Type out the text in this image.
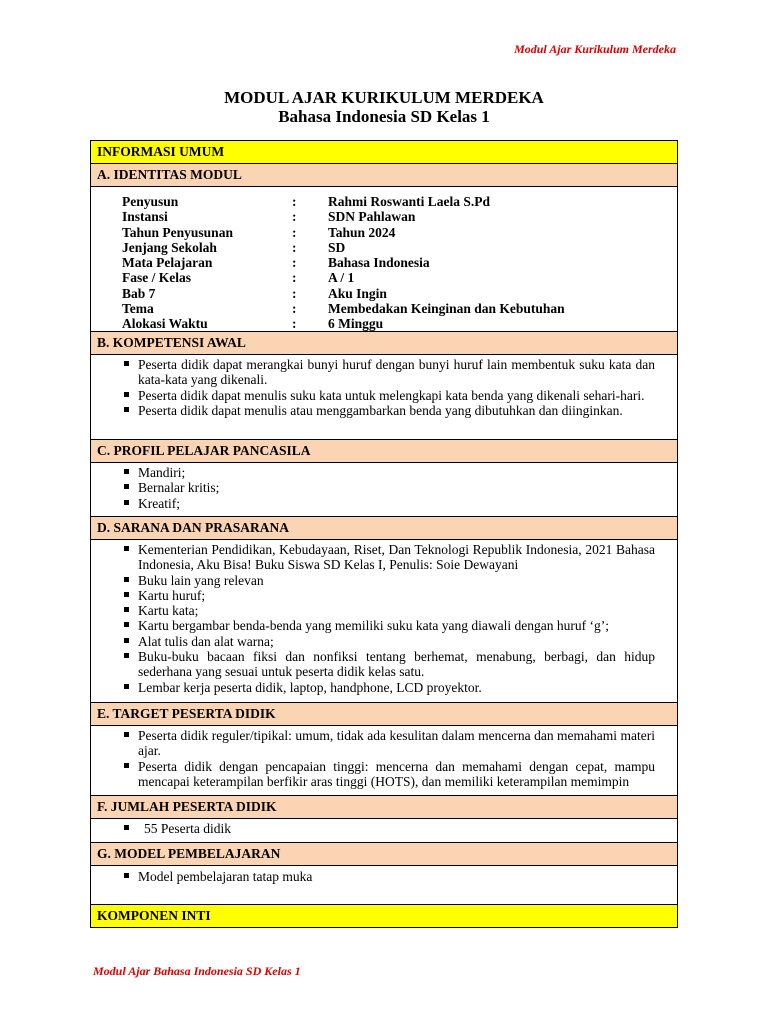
Modul Ajar Kurikulum Merdeka
MODUL AJAR KURIKULUM MERDEKA
Bahasa Indonesia SD Kelas 1
INFORMASI UMUM
A. IDENTITAS MODUL
Penyusun	:	Rahmi Roswanti Laela S.Pd
Instansi	:	SDN Pahlawan
Tahun Penyusunan	:	Tahun 2024
Jenjang Sekolah	:	SD
Mata Pelajaran	:	Bahasa Indonesia
Fase / Kelas	:	A / 1
Bab 7	:	Aku Ingin
Tema	:	Membedakan Keinginan dan Kebutuhan
Alokasi Waktu	:	6 Minggu
B. KOMPETENSI AWAL
Peserta didik dapat merangkai bunyi huruf dengan bunyi huruf lain membentuk suku kata dan kata-kata yang dikenali.
Peserta didik dapat menulis suku kata untuk melengkapi kata benda yang dikenali sehari-hari.
Peserta didik dapat menulis atau menggambarkan benda yang dibutuhkan dan diinginkan.
C. PROFIL PELAJAR PANCASILA
Mandiri;
Bernalar kritis;
Kreatif;
D. SARANA DAN PRASARANA
Kementerian Pendidikan, Kebudayaan, Riset, Dan Teknologi Republik Indonesia, 2021 Bahasa Indonesia, Aku Bisa! Buku Siswa SD Kelas I, Penulis: Soie Dewayani
Buku lain yang relevan
Kartu huruf;
Kartu kata;
Kartu bergambar benda-benda yang memiliki suku kata yang diawali dengan huruf ‘g’;
Alat tulis dan alat warna;
Buku-buku bacaan fiksi dan nonfiksi tentang berhemat, menabung, berbagi, dan hidup sederhana yang sesuai untuk peserta didik kelas satu.
Lembar kerja peserta didik, laptop, handphone, LCD proyektor.
E. TARGET PESERTA DIDIK
Peserta didik reguler/tipikal: umum, tidak ada kesulitan dalam mencerna dan memahami materi ajar.
Peserta didik dengan pencapaian tinggi: mencerna dan memahami dengan cepat, mampu mencapai keterampilan berfikir aras tinggi (HOTS), dan memiliki keterampilan memimpin
F. JUMLAH PESERTA DIDIK
55 Peserta didik
G. MODEL PEMBELAJARAN
Model pembelajaran tatap muka
KOMPONEN INTI
Modul Ajar Bahasa Indonesia SD Kelas 1
